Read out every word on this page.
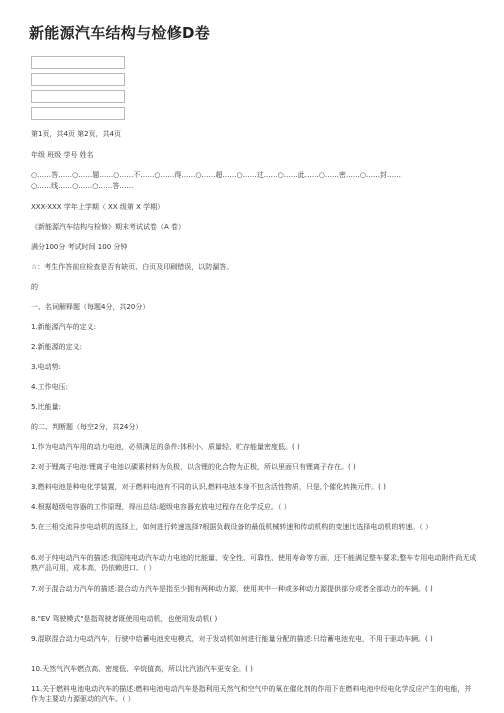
新能源汽车结构与检修D卷
第1页，共4页 第2页，共4页
年级 班级 学号 姓名
○……答……○……题……○……不……○……得……○……超……○……过……○……此……○……密……○……封……
○……线……○……○……答……
XXX-XXX 学年上学期（ XX 级第 X 学期）
《新能源汽车结构与检修》期末考试试卷（A 卷）
满分100分 考试时间 100 分钟
☆：考生作答前应检查是否有缺页、白页及印刷错误，以防漏答。
的
一、名词解释题（每题4分，共20分）
1.新能源汽车的定义:
2.新能源的定义:
3.电动势:
4.工作电压:
5.比能量:
的二、判断题（每空2分，共24分）
1.作为电动汽车用的动力电池，必须满足的条件:体积小、质量轻、贮存能量密度低。( )
2.对于锂离子电池:锂离子电池以碳素材料为负极，以含锂的化合物为正极，所以里面只有锂离子存在。( )
3.燃料电池是种电化学装置，对于燃料电池有不同的认识,燃料电池本身不包含活性物质，只是,个催化转换元件。( )
4.根据超级电容器的工作原理，得出总结:超级电容器充放电过程存在化学反应。（ ）
5.在三相交流异步电动机的选择上，如何进行转速选择?根据负载设备的最低机械转速和传动机构的变速比选择电动机的转速。（ ）
6.对于纯电动汽车的描述:我国纯电动汽车动力电池的比能量、安全性、可靠性、使用寿命等方面，还不能满足整车要求;整车专用电动附件尚无成熟产品可用，成本高，仍依赖进口。（ ）
7.对于混合动力汽车的描述:混合动力汽车是指至少拥有两种动力源，使用其中一种或多种动力源提供部分或者全部动力的车辆。( )
8."EV 驾驶模式"是指驾驶者既使用电动机，也使用发动机( )
9.混联混合动力电动汽车，行驶中给蓄电池充电模式，对于发动机如何进行能量分配的描述:只给蓄电池充电，不用于驱动车辆。( )
10.天然气汽车燃点高、密度低、辛烷值高，所以比汽油汽车更安全。( )
11.关于燃料电池电动汽车的描述:燃料电池电动汽车是指利用天然气和空气中的氧在催化剂的作用下在燃料电池中经电化学反应产生的电能，并作为主要动力源驱动的汽车。（ ）
